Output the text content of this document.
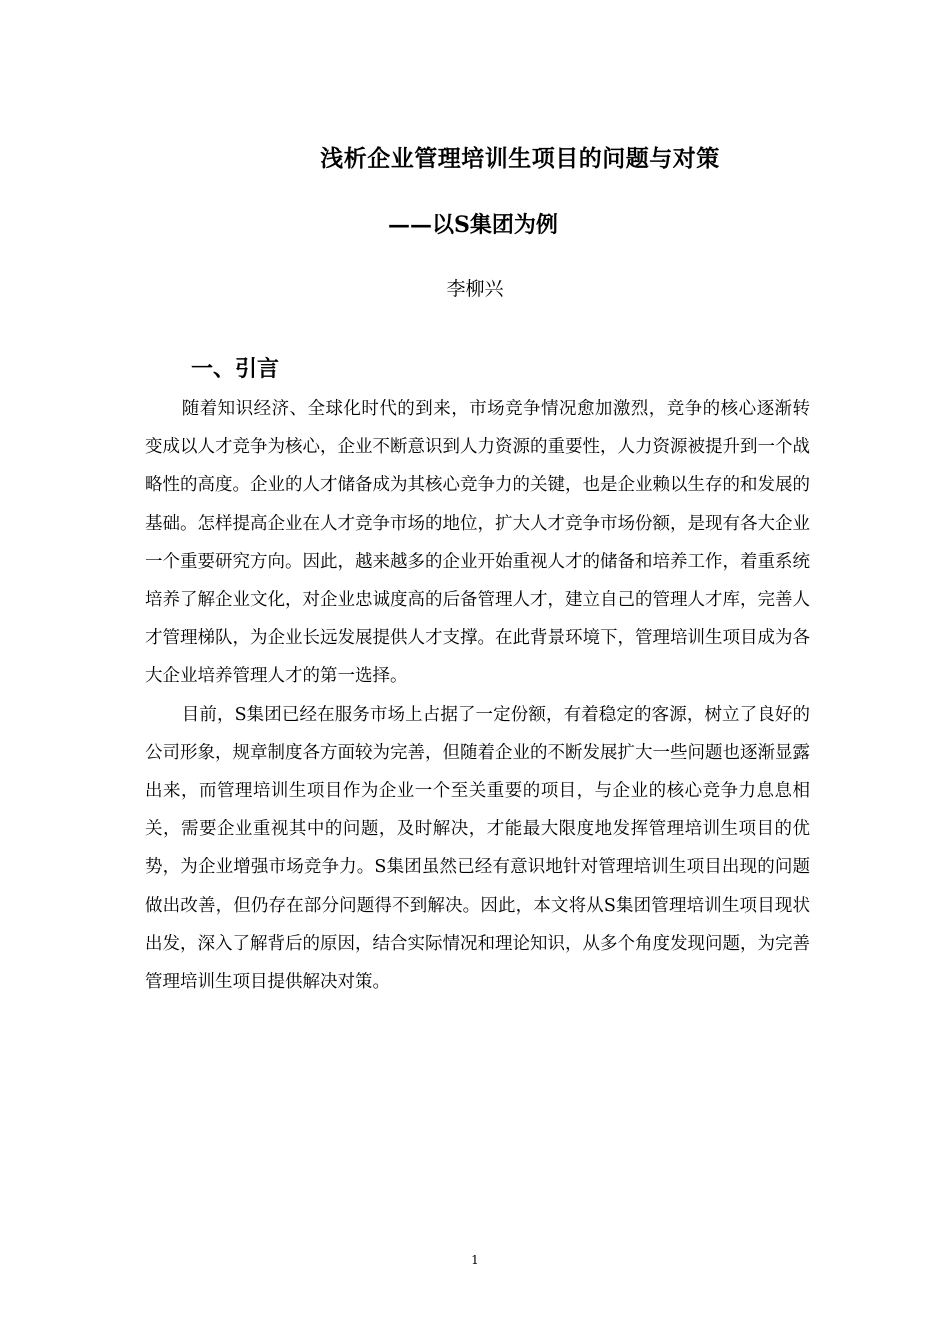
浅析企业管理培训生项目的问题与对策
——以S集团为例
李柳兴
一、引言

随着知识经济、全球化时代的到来，市场竞争情况愈加激烈，竞争的核心逐渐转变成以人才竞争为核心，企业不断意识到人力资源的重要性，人力资源被提升到一个战略性的高度。企业的人才储备成为其核心竞争力的关键，也是企业赖以生存的和发展的基础。怎样提高企业在人才竞争市场的地位，扩大人才竞争市场份额，是现有各大企业一个重要研究方向。因此，越来越多的企业开始重视人才的储备和培养工作，着重系统培养了解企业文化，对企业忠诚度高的后备管理人才，建立自己的管理人才库，完善人才管理梯队，为企业长远发展提供人才支撑。在此背景环境下，管理培训生项目成为各大企业培养管理人才的第一选择。

目前，S集团已经在服务市场上占据了一定份额，有着稳定的客源，树立了良好的公司形象，规章制度各方面较为完善，但随着企业的不断发展扩大一些问题也逐渐显露出来，而管理培训生项目作为企业一个至关重要的项目，与企业的核心竞争力息息相关，需要企业重视其中的问题，及时解决，才能最大限度地发挥管理培训生项目的优势，为企业增强市场竞争力。S集团虽然已经有意识地针对管理培训生项目出现的问题做出改善，但仍存在部分问题得不到解决。因此，本文将从S集团管理培训生项目现状出发，深入了解背后的原因，结合实际情况和理论知识，从多个角度发现问题，为完善管理培训生项目提供解决对策。

1
